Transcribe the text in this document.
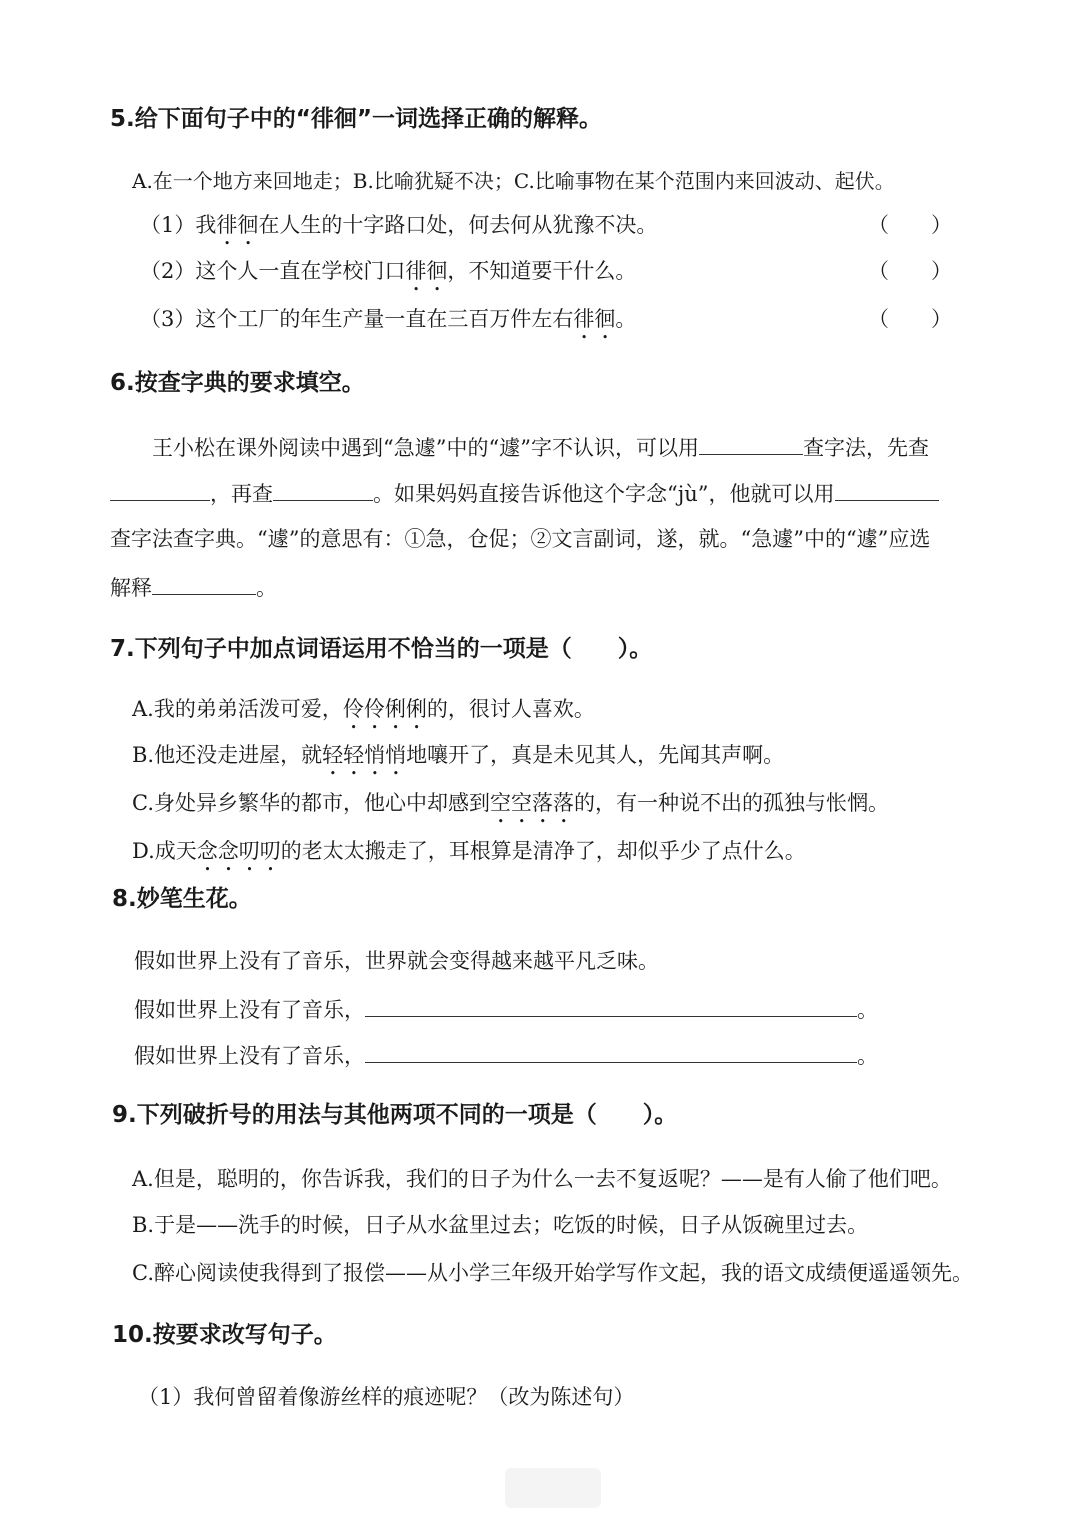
5.给下面句子中的“徘徊”一词选择正确的解释。
A.在一个地方来回地走；B.比喻犹疑不决；C.比喻事物在某个范围内来回波动、起伏。
（1）我徘徊在人生的十字路口处，何去何从犹豫不决。	（　　）
（2）这个人一直在学校门口徘徊，不知道要干什么。	（　　）
（3）这个工厂的年生产量一直在三百万件左右徘徊。	（　　）
6.按查字典的要求填空。
王小松在课外阅读中遇到“急遽”中的“遽”字不认识，可以用	查字法，先查
，再查	。如果妈妈直接告诉他这个字念“jù”，他就可以用
查字法查字典。“遽”的意思有：①急，仓促；②文言副词，遂，就。“急遽”中的“遽”应选
解释	。
7.下列句子中加点词语运用不恰当的一项是（　　）。
A.我的弟弟活泼可爱，伶伶俐俐的，很讨人喜欢。
B.他还没走进屋，就轻轻悄悄地嚷开了，真是未见其人，先闻其声啊。
C.身处异乡繁华的都市，他心中却感到空空落落的，有一种说不出的孤独与怅惘。
D.成天念念叨叨的老太太搬走了，耳根算是清净了，却似乎少了点什么。
8.妙笔生花。
假如世界上没有了音乐，世界就会变得越来越平凡乏味。
假如世界上没有了音乐，	。
假如世界上没有了音乐，	。
9.下列破折号的用法与其他两项不同的一项是（　　）。
A.但是，聪明的，你告诉我，我们的日子为什么一去不复返呢？——是有人偷了他们吧。
B.于是——洗手的时候，日子从水盆里过去；吃饭的时候，日子从饭碗里过去。
C.醉心阅读使我得到了报偿——从小学三年级开始学写作文起，我的语文成绩便遥遥领先。
10.按要求改写句子。
（1）我何曾留着像游丝样的痕迹呢？（改为陈述句）
